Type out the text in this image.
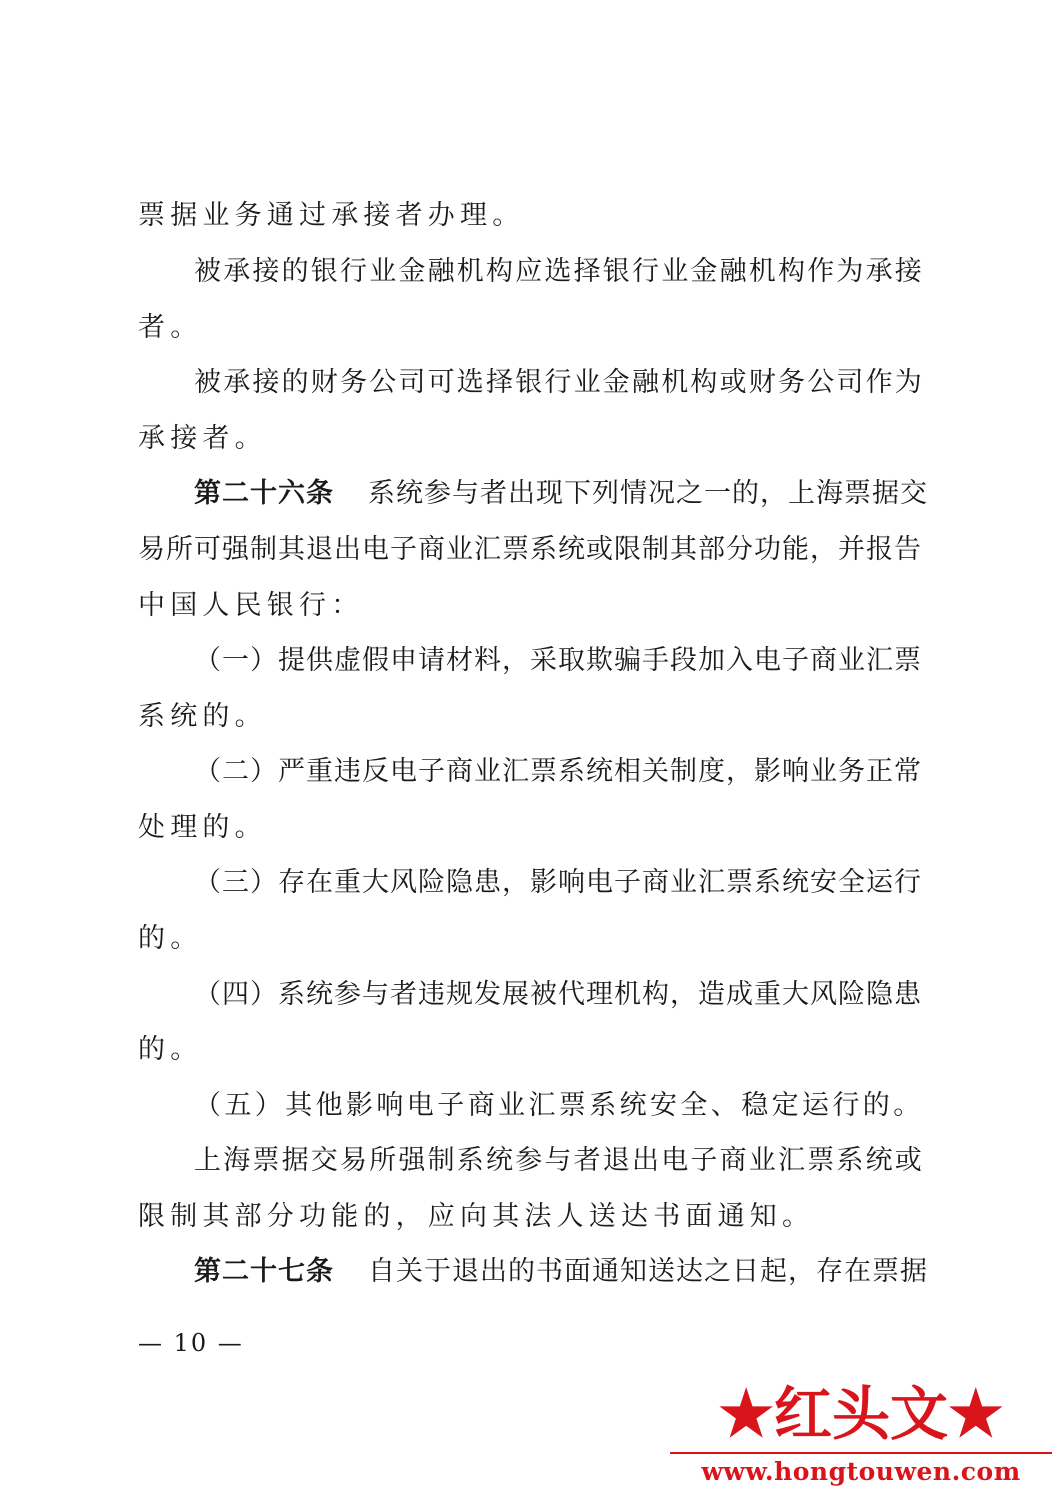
票据业务通过承接者办理。
被承接的银行业金融机构应选择银行业金融机构作为承接
者。
被承接的财务公司可选择银行业金融机构或财务公司作为
承接者。
第二十六条 系统参与者出现下列情况之一的，上海票据交
易所可强制其退出电子商业汇票系统或限制其部分功能，并报告
中国人民银行：
（一）提供虚假申请材料，采取欺骗手段加入电子商业汇票
系统的。
（二）严重违反电子商业汇票系统相关制度，影响业务正常
处理的。
（三）存在重大风险隐患，影响电子商业汇票系统安全运行
的。
（四）系统参与者违规发展被代理机构，造成重大风险隐患
的。
（五）其他影响电子商业汇票系统安全、稳定运行的。
上海票据交易所强制系统参与者退出电子商业汇票系统或
限制其部分功能的，应向其法人送达书面通知。
第二十七条 自关于退出的书面通知送达之日起，存在票据
— 10 —
★红头文★
www.hongtouwen.com
